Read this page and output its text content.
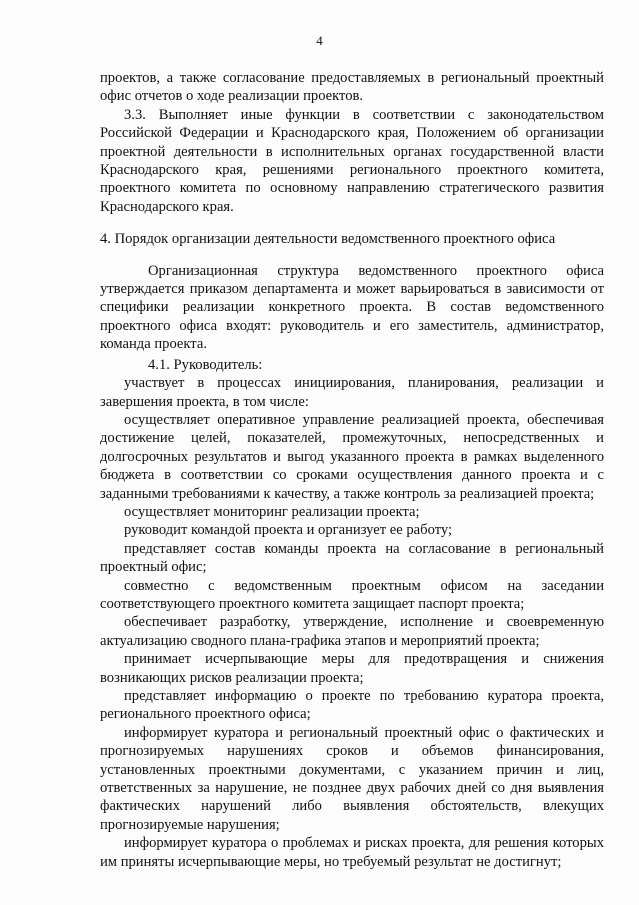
4

проектов, а также согласование предоставляемых в региональный проектный офис отчетов о ходе реализации проектов.

3.3. Выполняет иные функции в соответствии с законодательством Российской Федерации и Краснодарского края, Положением об организации проектной деятельности в исполнительных органах государственной власти Краснодарского края, решениями регионального проектного комитета, проектного комитета по основному направлению стратегического развития Краснодарского края.

4. Порядок организации деятельности ведомственного проектного офиса

Организационная структура ведомственного проектного офиса утверждается приказом департамента и может варьироваться в зависимости от специфики реализации конкретного проекта. В состав ведомственного проектного офиса входят: руководитель и его заместитель, администратор, команда проекта.

4.1. Руководитель:

участвует в процессах инициирования, планирования, реализации и завершения проекта, в том числе:

осуществляет оперативное управление реализацией проекта, обеспечивая достижение целей, показателей, промежуточных, непосредственных и долгосрочных результатов и выгод указанного проекта в рамках выделенного бюджета в соответствии со сроками осуществления данного проекта и с заданными требованиями к качеству, а также контроль за реализацией проекта;

осуществляет мониторинг реализации проекта;

руководит командой проекта и организует ее работу;

представляет состав команды проекта на согласование в региональный проектный офис;

совместно с ведомственным проектным офисом на заседании соответствующего проектного комитета защищает паспорт проекта;

обеспечивает разработку, утверждение, исполнение и своевременную актуализацию сводного плана-графика этапов и мероприятий проекта;

принимает исчерпывающие меры для предотвращения и снижения возникающих рисков реализации проекта;

представляет информацию о проекте по требованию куратора проекта, регионального проектного офиса;

информирует куратора и региональный проектный офис о фактических и прогнозируемых нарушениях сроков и объемов финансирования, установленных проектными документами, с указанием причин и лиц, ответственных за нарушение, не позднее двух рабочих дней со дня выявления фактических нарушений либо выявления обстоятельств, влекущих прогнозируемые нарушения;

информирует куратора о проблемах и рисках проекта, для решения которых им приняты исчерпывающие меры, но требуемый результат не достигнут;
